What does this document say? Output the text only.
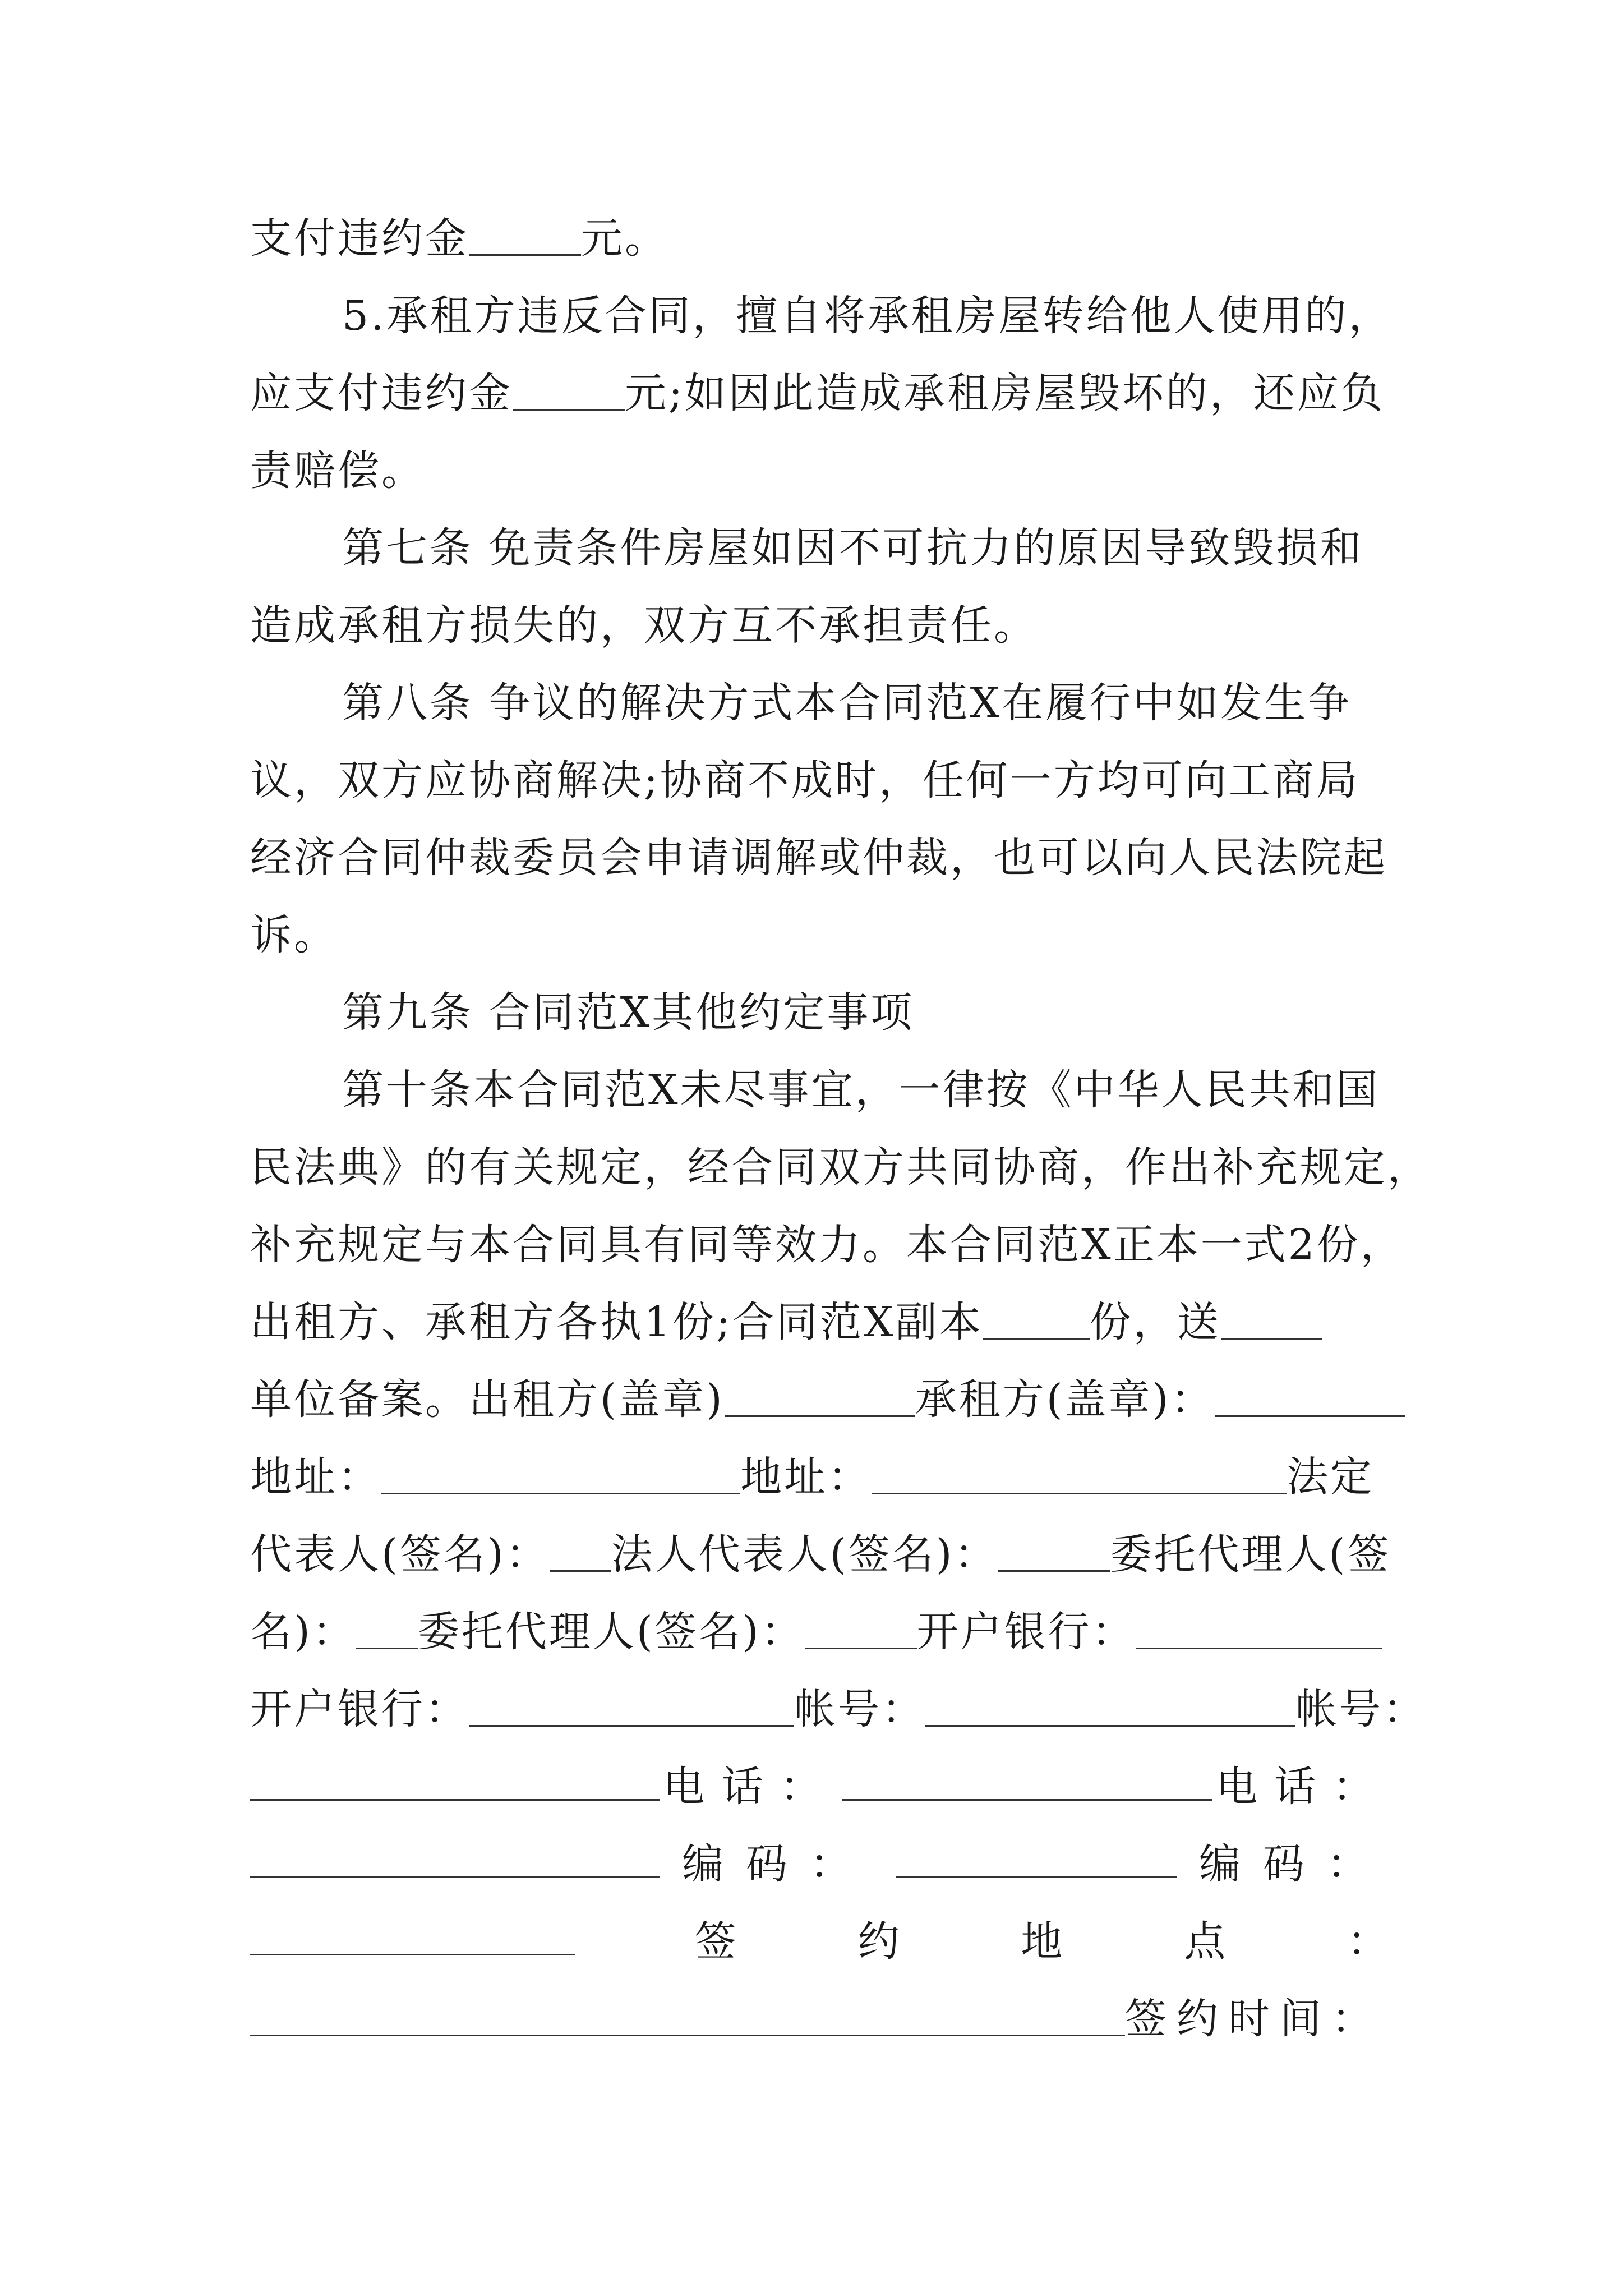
支付违约金	元。
5.承租方违反合同，擅自将承租房屋转给他人使用的，
应支付违约金	元;如因此造成承租房屋毁坏的，还应负
责赔偿。
第七条 免责条件房屋如因不可抗力的原因导致毁损和
造成承租方损失的，双方互不承担责任。
第八条 争议的解决方式本合同范X在履行中如发生争
议，双方应协商解决;协商不成时，任何一方均可向工商局
经济合同仲裁委员会申请调解或仲裁，也可以向人民法院起
诉。
第九条 合同范X其他约定事项
第十条本合同范X未尽事宜，一律按《中华人民共和国
民法典》的有关规定，经合同双方共同协商，作出补充规定，
补充规定与本合同具有同等效力。本合同范X正本一式2份，
出租方、承租方各执1份;合同范X副本	份，送
单位备案。出租方(盖章)	承租方(盖章)：
地址：	地址：	法定
代表人(签名)： 法人代表人(签名)：	委托代理人(签
名)： 委托代理人(签名)：	开户银行：
开户银行：	帐号：	帐号：
电话：	电话：
编码：	编码：
签	约	地	点	：
签约时间：
